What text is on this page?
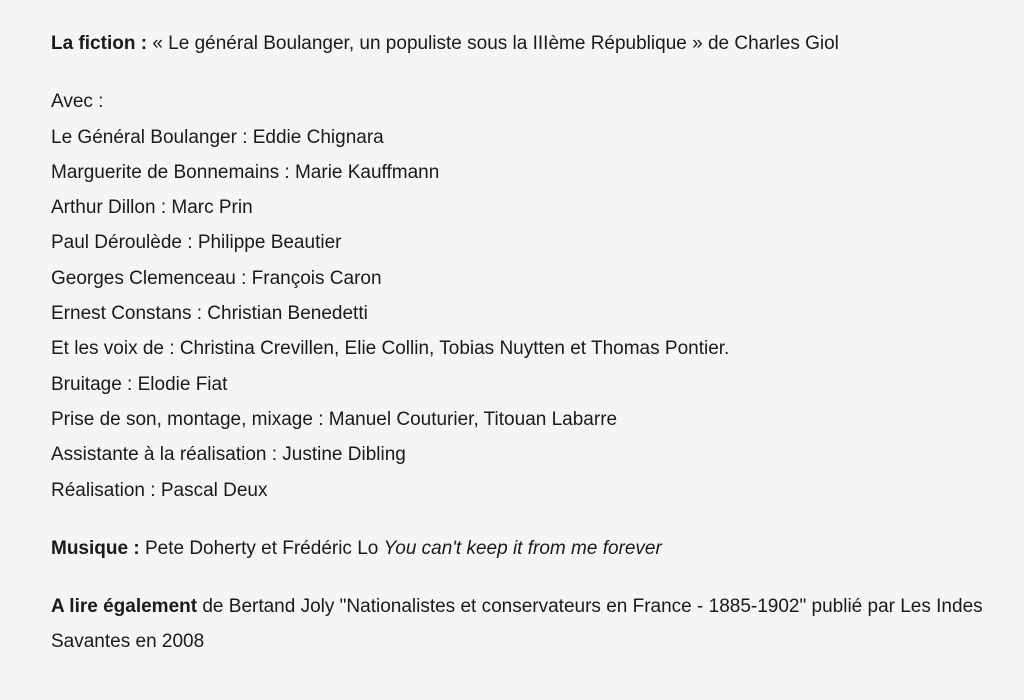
La fiction : « Le général Boulanger, un populiste sous la IIIème République » de Charles Giol

Avec :

Le Général Boulanger : Eddie Chignara

Marguerite de Bonnemains : Marie Kauffmann

Arthur Dillon : Marc Prin

Paul Déroulède : Philippe Beautier

Georges Clemenceau : François Caron

Ernest Constans : Christian Benedetti

Et les voix de : Christina Crevillen, Elie Collin, Tobias Nuytten et Thomas Pontier.

Bruitage : Elodie Fiat

Prise de son, montage, mixage : Manuel Couturier, Titouan Labarre

Assistante à la réalisation : Justine Dibling

Réalisation : Pascal Deux

Musique : Pete Doherty et Frédéric Lo You can't keep it from me forever

A lire également de Bertand Joly "Nationalistes et conservateurs en France - 1885-1902" publié par Les Indes Savantes en 2008
